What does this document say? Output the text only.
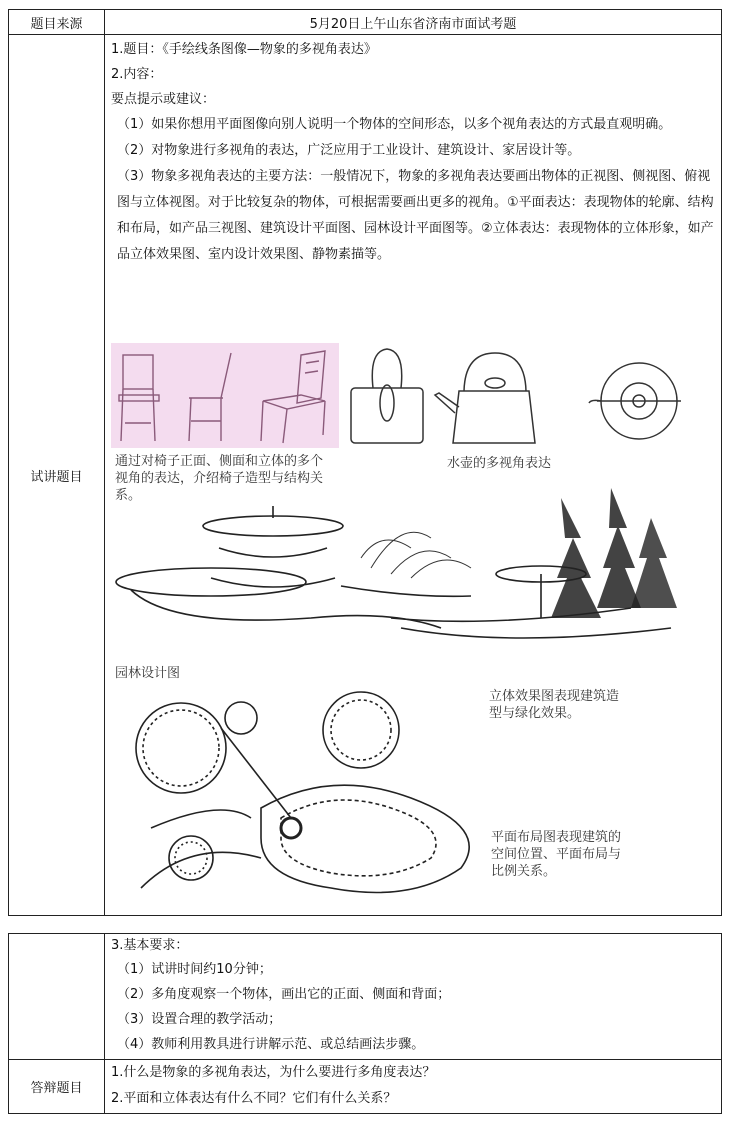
题目来源	5月20日上午山东省济南市面试考题
试讲题目
1.题目：《手绘线条图像—物象的多视角表达》
2.内容：
要点提示或建议：
（1）如果你想用平面图像向别人说明一个物体的空间形态，以多个视角表达的方式最直观明确。
（2）对物象进行多视角的表达，广泛应用于工业设计、建筑设计、家居设计等。
（3）物象多视角表达的主要方法：一般情况下，物象的多视角表达要画出物体的正视图、侧视图、俯视图与立体视图。对于比较复杂的物体，可根据需要画出更多的视角。①平面表达：表现物体的轮廓、结构和布局，如产品三视图、建筑设计平面图、园林设计平面图等。②立体表达：表现物体的立体形象，如产品立体效果图、室内设计效果图、静物素描等。
通过对椅子正面、侧面和立体的多个视角的表达，介绍椅子造型与结构关系。
水壶的多视角表达
园林设计图
立体效果图表现建筑造型与绿化效果。
平面布局图表现建筑的空间位置、平面布局与比例关系。
3.基本要求：
（1）试讲时间约10分钟；
（2）多角度观察一个物体，画出它的正面、侧面和背面；
（3）设置合理的教学活动；
（4）教师利用教具进行讲解示范、或总结画法步骤。
答辩题目
1.什么是物象的多视角表达，为什么要进行多角度表达？
2.平面和立体表达有什么不同？它们有什么关系？
